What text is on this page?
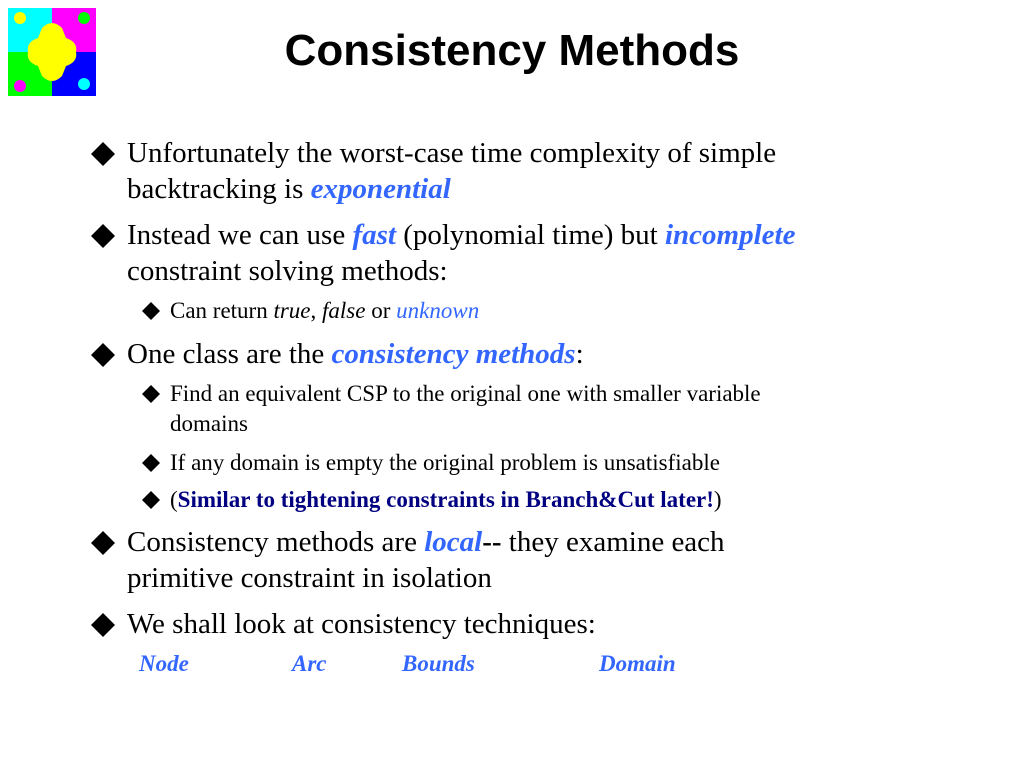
Consistency Methods
Unfortunately the worst-case time complexity of simple
backtracking is exponential
Instead we can use fast (polynomial time) but incomplete
constraint solving methods:
Can return true, false or unknown
One class are the consistency methods:
Find an equivalent CSP to the original one with smaller variable
domains
If any domain is empty the original problem is unsatisfiable
(Similar to tightening constraints in Branch&Cut later!)
Consistency methods are local-- they examine each
primitive constraint in isolation
We shall look at consistency techniques:
Node	Arc	Bounds	Domain
